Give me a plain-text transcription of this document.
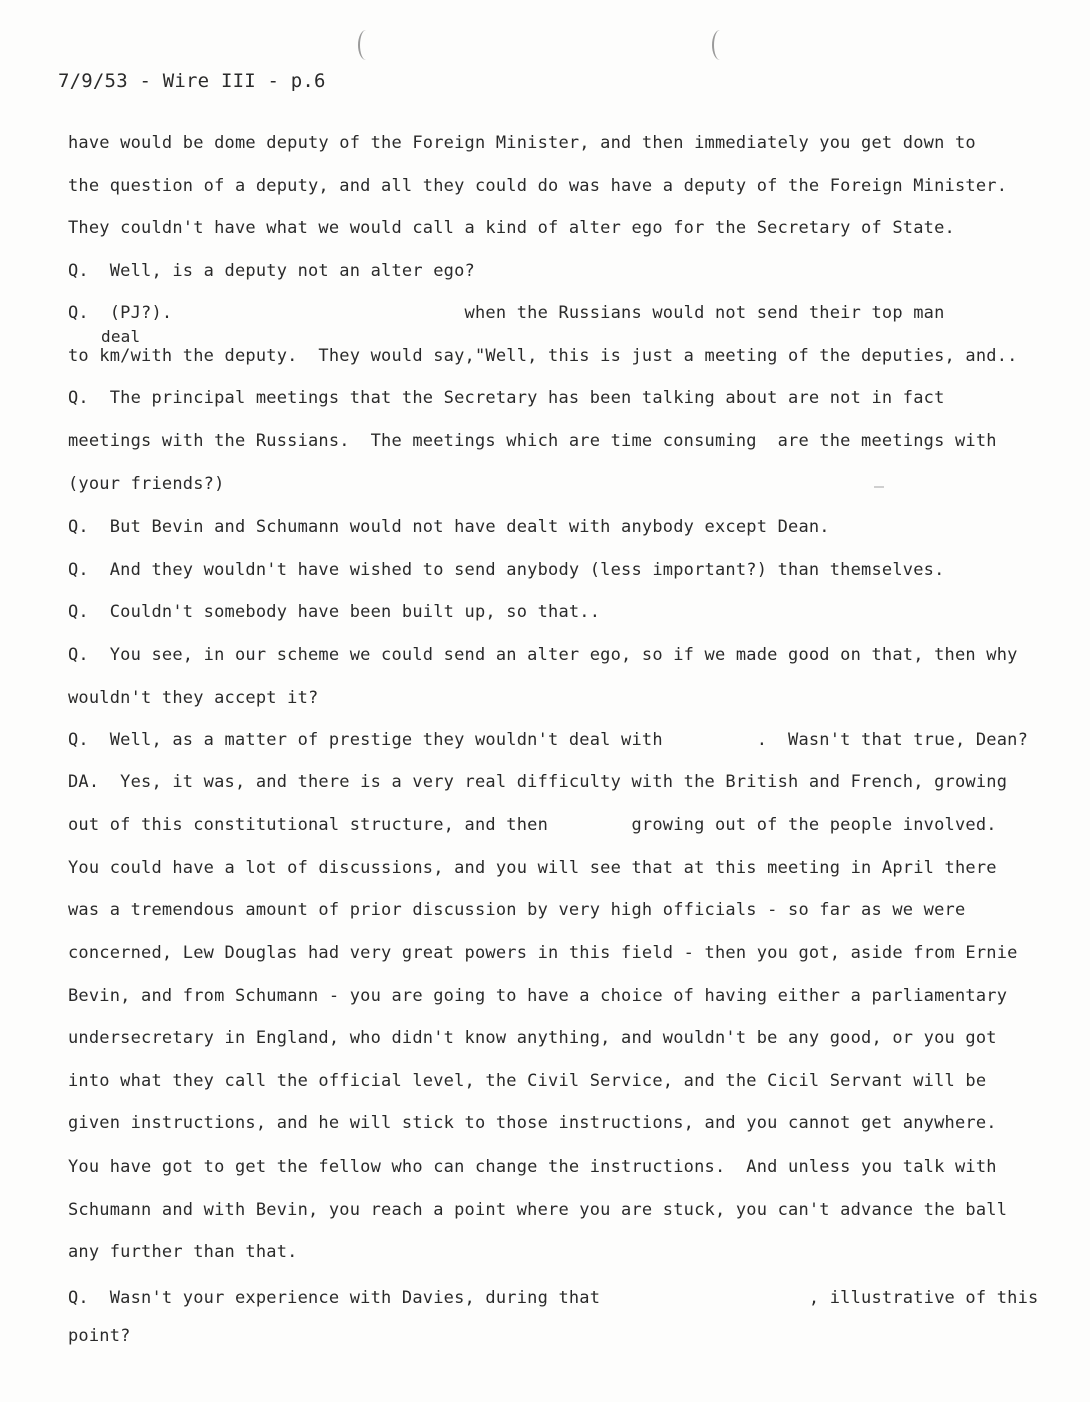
7/9/53 - Wire III - p.6
deal
have would be dome deputy of the Foreign Minister, and then immediately you get down to
the question of a deputy, and all they could do was have a deputy of the Foreign Minister.
They couldn't have what we would call a kind of alter ego for the Secretary of State.
Q.  Well, is a deputy not an alter ego?
Q.  (PJ?).                            when the Russians would not send their top man
to km/with the deputy.  They would say,"Well, this is just a meeting of the deputies, and..
Q.  The principal meetings that the Secretary has been talking about are not in fact
meetings with the Russians.  The meetings which are time consuming  are the meetings with
(your friends?)
Q.  But Bevin and Schumann would not have dealt with anybody except Dean.
Q.  And they wouldn't have wished to send anybody (less important?) than themselves.
Q.  Couldn't somebody have been built up, so that..
Q.  You see, in our scheme we could send an alter ego, so if we made good on that, then why
wouldn't they accept it?
Q.  Well, as a matter of prestige they wouldn't deal with         .  Wasn't that true, Dean?
DA.  Yes, it was, and there is a very real difficulty with the British and French, growing
out of this constitutional structure, and then        growing out of the people involved.
You could have a lot of discussions, and you will see that at this meeting in April there
was a tremendous amount of prior discussion by very high officials - so far as we were
concerned, Lew Douglas had very great powers in this field - then you got, aside from Ernie
Bevin, and from Schumann - you are going to have a choice of having either a parliamentary
undersecretary in England, who didn't know anything, and wouldn't be any good, or you got
into what they call the official level, the Civil Service, and the Cicil Servant will be
given instructions, and he will stick to those instructions, and you cannot get anywhere.
You have got to get the fellow who can change the instructions.  And unless you talk with
Schumann and with Bevin, you reach a point where you are stuck, you can't advance the ball
any further than that.
Q.  Wasn't your experience with Davies, during that                    , illustrative of this
point?
